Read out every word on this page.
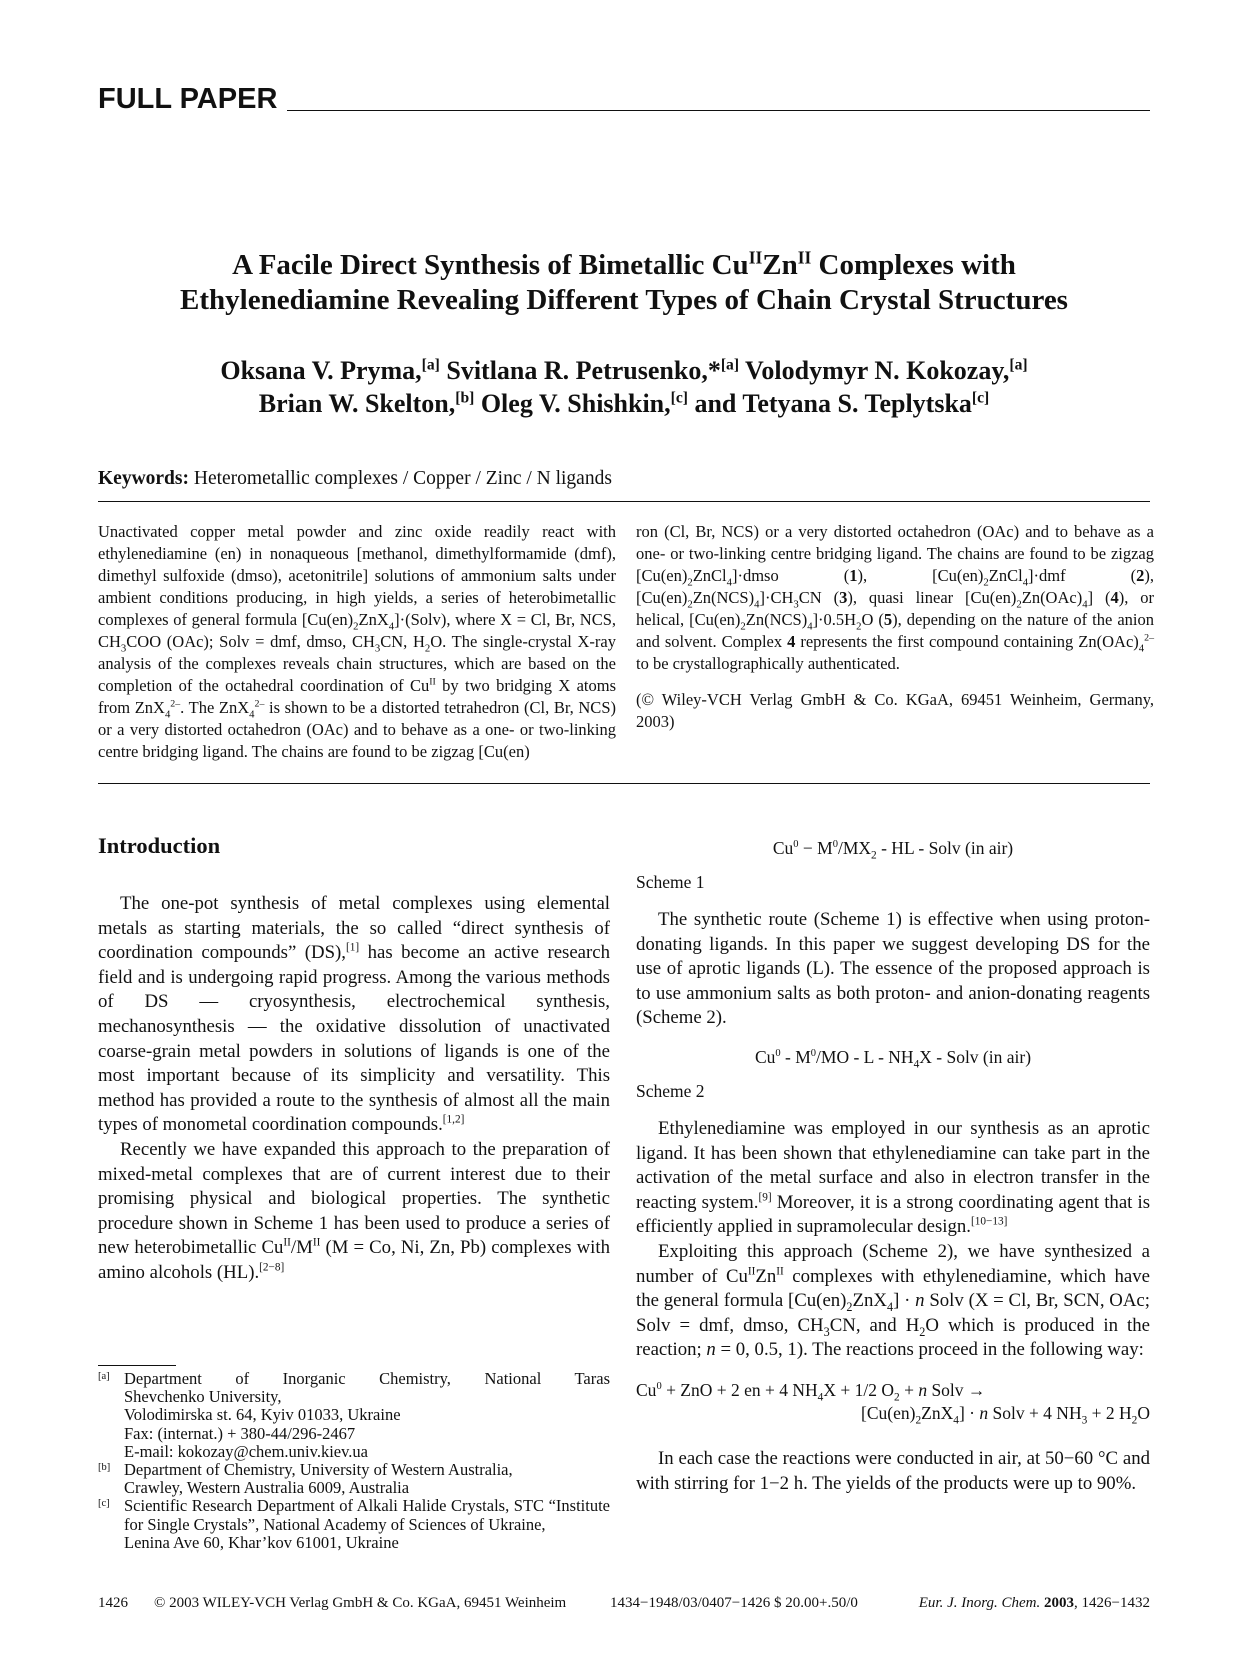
FULL PAPER
A Facile Direct Synthesis of Bimetallic $Cu^{II}Zn^{II}$ Complexes with
Ethylenediamine Revealing Different Types of Chain Crystal Structures
Oksana V. Pryma,[a] Svitlana R. Petrusenko,*[a] Volodymyr N. Kokozay,[a]
Brian W. Skelton,[b] Oleg V. Shishkin,[c] and Tetyana S. Teplytska[c]
Keywords: Heterometallic complexes / Copper / Zinc / N ligands

Unactivated copper metal powder and zinc oxide readily react with ethylenediamine (en) in nonaqueous [methanol, dimethylformamide (dmf), dimethyl sulfoxide (dmso), acetonitrile] solutions of ammonium salts under ambient conditions producing, in high yields, a series of heterobimetallic complexes of general formula $[Cu(en)_2ZnX_4]\cdot(Solv)$, where X = Cl, Br, NCS, $CH_3COO$ (OAc); Solv = dmf, dmso, $CH_3CN$, $H_2O$. The single-crystal X-ray analysis of the complexes reveals chain structures, which are based on the completion of the octahedral coordination of $Cu^{II}$ by two bridging X atoms from ZnX$_4^{2-}$. The ZnX$_4^{2-}$ is shown to be a distorted tetrahedron (Cl, Br, NCS) or a very distorted octahedron (OAc) and to behave as a one- or two-linking centre bridging ligand. The chains are found to be zigzag [Cu(en)

ron (Cl, Br, NCS) or a very distorted octahedron (OAc) and to behave as a one- or two-linking centre bridging ligand. The chains are found to be zigzag $[Cu(en)_2ZnCl_4]\cdot dmso$ (1), $[Cu(en)_2ZnCl_4]\cdot dmf$ (2), $[Cu(en)_2Zn(NCS)_4]\cdot CH_3CN$ (3), quasi linear $[Cu(en)_2Zn(OAc)_4]$ (4), or helical, $[Cu(en)_2Zn(NCS)_4]\cdot 0.5H_2O$ (5), depending on the nature of the anion and solvent. Complex 4 represents the first compound containing $Zn(OAc)_4^{2-}$ to be crystallographically authenticated.

(© Wiley-VCH Verlag GmbH & Co. KGaA, 69451 Weinheim, Germany, 2003)

Introduction

The one-pot synthesis of metal complexes using elemental metals as starting materials, the so called “direct synthesis of coordination compounds” (DS),[1] has become an active research field and is undergoing rapid progress. Among the various methods of DS — cryosynthesis, electrochemical synthesis, mechanosynthesis — the oxidative dissolution of unactivated coarse-grain metal powders in solutions of ligands is one of the most important because of its simplicity and versatility. This method has provided a route to the synthesis of almost all the main types of monometal coordination compounds.[1,2]

Recently we have expanded this approach to the preparation of mixed-metal complexes that are of current interest due to their promising physical and biological properties. The synthetic procedure shown in Scheme 1 has been used to produce a series of new heterobimetallic $Cu^{II}/M^{II}$ (M = Co, Ni, Zn, Pb) complexes with amino alcohols (HL).[2−8]

[a] Department of Inorganic Chemistry, National Taras
Shevchenko University,
Volodimirska st. 64, Kyiv 01033, Ukraine
Fax: (internat.) + 380-44/296-2467
E-mail: kokozay@chem.univ.kiev.ua
[b] Department of Chemistry, University of Western Australia,
Crawley, Western Australia 6009, Australia
[c] Scientific Research Department of Alkali Halide Crystals, STC “Institute for Single Crystals”, National Academy of Sciences of Ukraine,
Lenina Ave 60, Khar’kov 61001, Ukraine
$Cu^0 - M^0/MX_2$ - HL - Solv (in air)
Scheme 1

The synthetic route (Scheme 1) is effective when using proton-donating ligands. In this paper we suggest developing DS for the use of aprotic ligands (L). The essence of the proposed approach is to use ammonium salts as both proton- and anion-donating reagents (Scheme 2).

$Cu^0 - M^0/MO$ - L - $NH_4X$ - Solv (in air)
Scheme 2

Ethylenediamine was employed in our synthesis as an aprotic ligand. It has been shown that ethylenediamine can take part in the activation of the metal surface and also in electron transfer in the reacting system.[9] Moreover, it is a strong coordinating agent that is efficiently applied in supramolecular design.[10−13]

Exploiting this approach (Scheme 2), we have synthesized a number of $Cu^{II}Zn^{II}$ complexes with ethylenediamine, which have the general formula $[Cu(en)_2ZnX_4] \cdot n$ Solv (X = Cl, Br, SCN, OAc; Solv = dmf, dmso, $CH_3CN$, and $H_2O$ which is produced in the reaction; n = 0, 0.5, 1). The reactions proceed in the following way:

$Cu^0$ + ZnO + 2 en + 4 $NH_4X + 1/2$ $O_2 + n$ Solv →
$[Cu(en)_2ZnX_4] \cdot n$ Solv + 4 $NH_3 + 2$ $H_2O$

In each case the reactions were conducted in air, at 50−60 °C and with stirring for 1−2 h. The yields of the products were up to 90%.

1426 © 2003 WILEY-VCH Verlag GmbH & Co. KGaA, 69451 Weinheim	1434−1948/03/0407−1426 $ 20.00+.50/0	Eur. J. Inorg. Chem. 2003, 1426−1432
